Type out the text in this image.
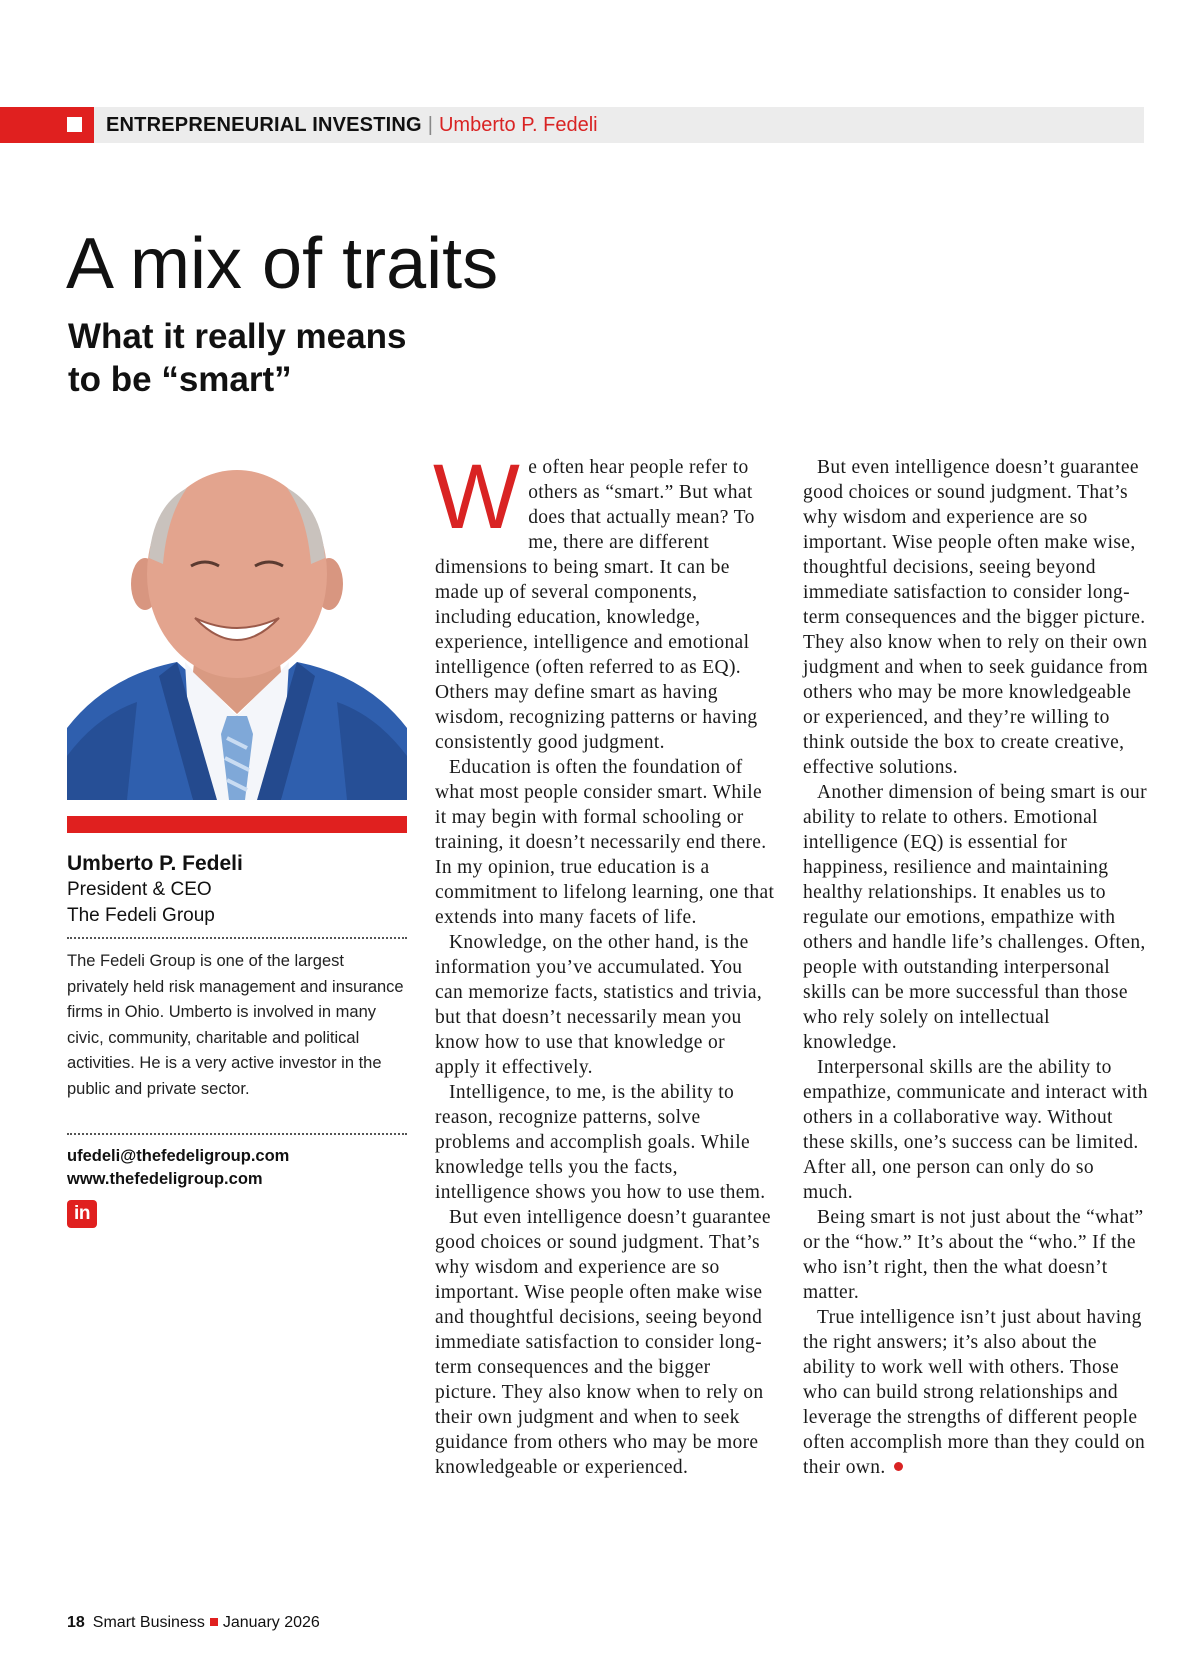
ENTREPRENEURIAL INVESTING | Umberto P. Fedeli
A mix of traits
What it really means
to be “smart”
Umberto P. Fedeli
President & CEO
The Fedeli Group
The Fedeli Group is one of the largest privately held risk management and insurance firms in Ohio. Umberto is involved in many civic, community, charitable and political activities. He is a very active investor in the public and private sector.
ufedeli@thefedeligroup.com
www.thefedeligroup.com
in

We often hear people refer to others as “smart.” But what does that actually mean? To me, there are different dimensions to being smart. It can be made up of several components, including education, knowledge, experience, intelligence and emotional intelligence (often referred to as EQ). Others may define smart as having wisdom, recognizing patterns or having consistently good judgment.

Education is often the foundation of what most people consider smart. While it may begin with formal schooling or training, it doesn’t necessarily end there. In my opinion, true education is a commitment to lifelong learning, one that extends into many facets of life.

Knowledge, on the other hand, is the information you’ve accumulated. You can memorize facts, statistics and trivia, but that doesn’t necessarily mean you know how to use that knowledge or apply it effectively.

Intelligence, to me, is the ability to reason, recognize patterns, solve problems and accomplish goals. While knowledge tells you the facts, intelligence shows you how to use them.

But even intelligence doesn’t guarantee good choices or sound judgment. That’s why wisdom and experience are so important. Wise people often make wise and thoughtful decisions, seeing beyond immediate satisfaction to consider long-term consequences and the bigger picture. They also know when to rely on their own judgment and when to seek guidance from others who may be more knowledgeable or experienced.

But even intelligence doesn’t guarantee good choices or sound judgment. That’s why wisdom and experience are so important. Wise people often make wise, thoughtful decisions, seeing beyond immediate satisfaction to consider long-term consequences and the bigger picture. They also know when to rely on their own judgment and when to seek guidance from others who may be more knowledgeable or experienced, and they’re willing to think outside the box to create creative, effective solutions.

Another dimension of being smart is our ability to relate to others. Emotional intelligence (EQ) is essential for happiness, resilience and maintaining healthy relationships. It enables us to regulate our emotions, empathize with others and handle life’s challenges. Often, people with outstanding interpersonal skills can be more successful than those who rely solely on intellectual knowledge.

Interpersonal skills are the ability to empathize, communicate and interact with others in a collaborative way. Without these skills, one’s success can be limited. After all, one person can only do so much.

Being smart is not just about the “what” or the “how.” It’s about the “who.” If the who isn’t right, then the what doesn’t matter.

True intelligence isn’t just about having the right answers; it’s also about the ability to work well with others. Those who can build strong relationships and leverage the strengths of different people often accomplish more than they could on their own.

18 Smart Business January 2026
